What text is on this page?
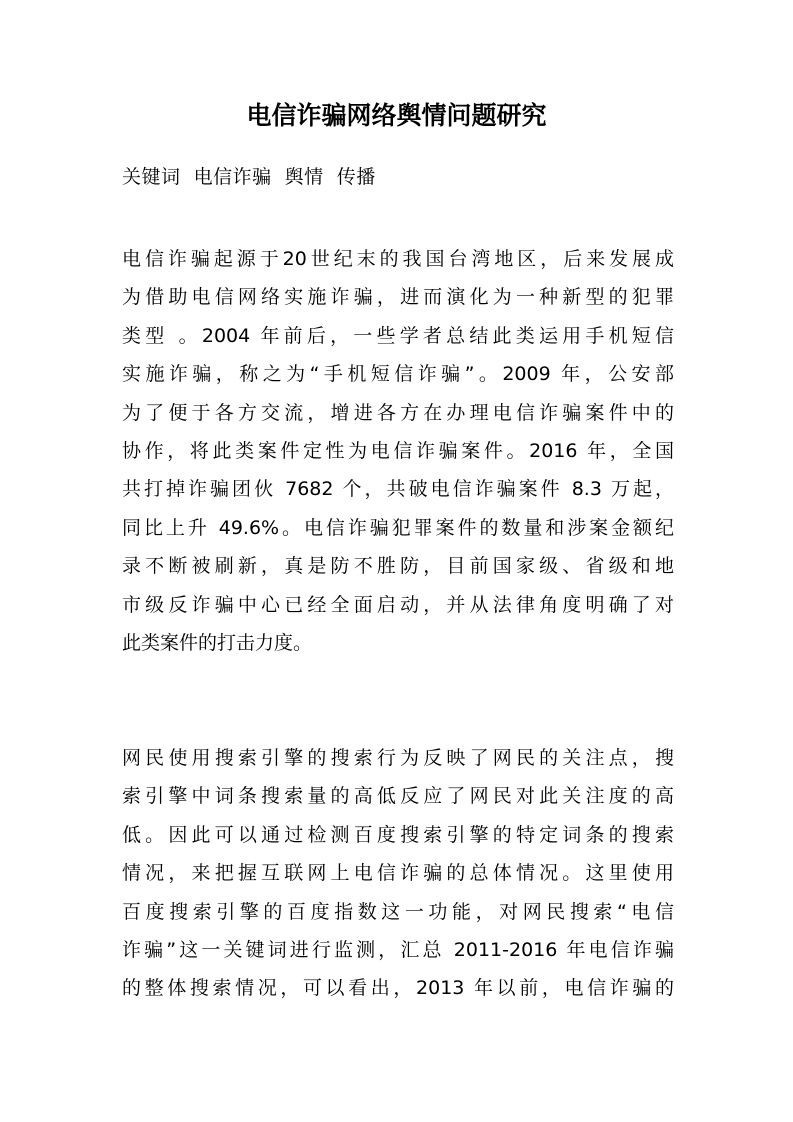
电信诈骗网络舆情问题研究

关键词  电信诈骗  舆情  传播

电信诈骗起源于20世纪末的我国台湾地区，后来发展成
为借助电信网络实施诈骗，进而演化为一种新型的犯罪
类型 。2004 年前后，一些学者总结此类运用手机短信
实施诈骗，称之为“手机短信诈骗”。2009 年，公安部
为了便于各方交流，增进各方在办理电信诈骗案件中的
协作，将此类案件定性为电信诈骗案件。2016 年，全国
共打掉诈骗团伙 7682 个，共破电信诈骗案件 8.3 万起，
同比上升 49.6%。电信诈骗犯罪案件的数量和涉案金额纪
录不断被刷新，真是防不胜防，目前国家级、省级和地
市级反诈骗中心已经全面启动，并从法律角度明确了对
此类案件的打击力度。
网民使用搜索引擎的搜索行为反映了网民的关注点，搜
索引擎中词条搜索量的高低反应了网民对此关注度的高
低。因此可以通过检测百度搜索引擎的特定词条的搜索
情况，来把握互联网上电信诈骗的总体情况。这里使用
百度搜索引擎的百度指数这一功能，对网民搜索“电信
诈骗”这一关键词进行监测，汇总 2011-2016 年电信诈骗
的整体搜索情况，可以看出，2013 年以前，电信诈骗的
